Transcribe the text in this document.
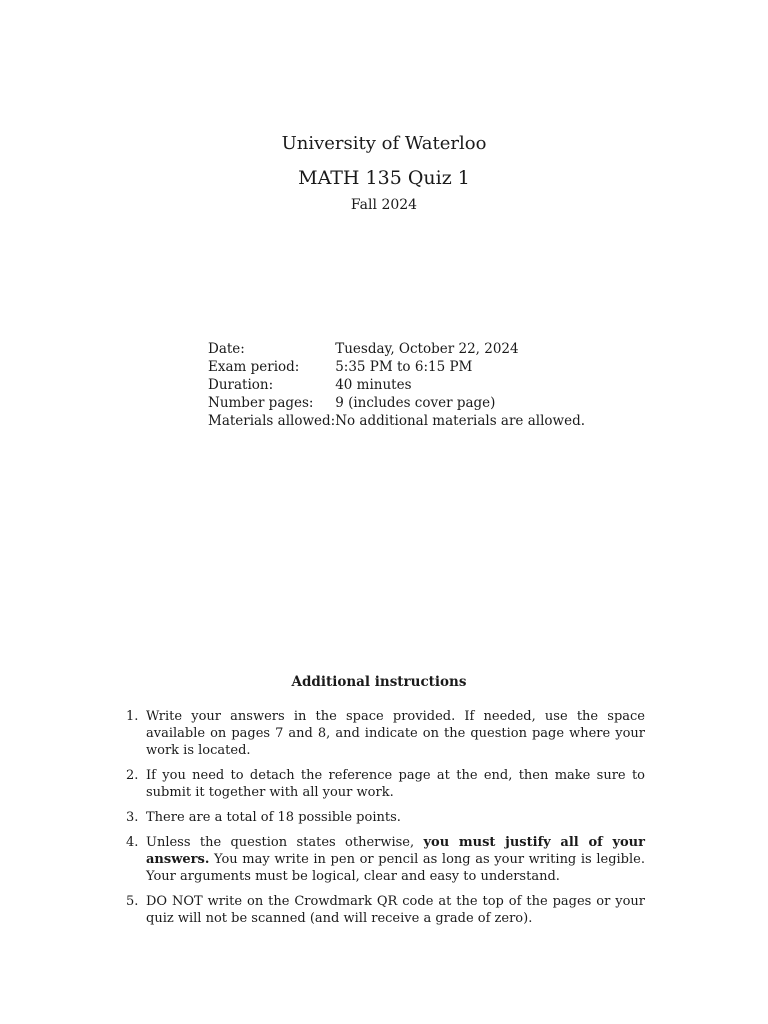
University of Waterloo
MATH 135 Quiz 1
Fall 2024
Date:	Tuesday, October 22, 2024
Exam period:	5:35 PM to 6:15 PM
Duration:	40 minutes
Number pages:	9 (includes cover page)
Materials allowed:	No additional materials are allowed.
Additional instructions
1. Write your answers in the space provided. If needed, use the space available on pages 7 and 8, and indicate on the question page where your work is located.
2. If you need to detach the reference page at the end, then make sure to submit it together with all your work.
3. There are a total of 18 possible points.
4. Unless the question states otherwise, you must justify all of your answers. You may write in pen or pencil as long as your writing is legible. Your arguments must be logical, clear and easy to understand.
5. DO NOT write on the Crowdmark QR code at the top of the pages or your quiz will not be scanned (and will receive a grade of zero).
